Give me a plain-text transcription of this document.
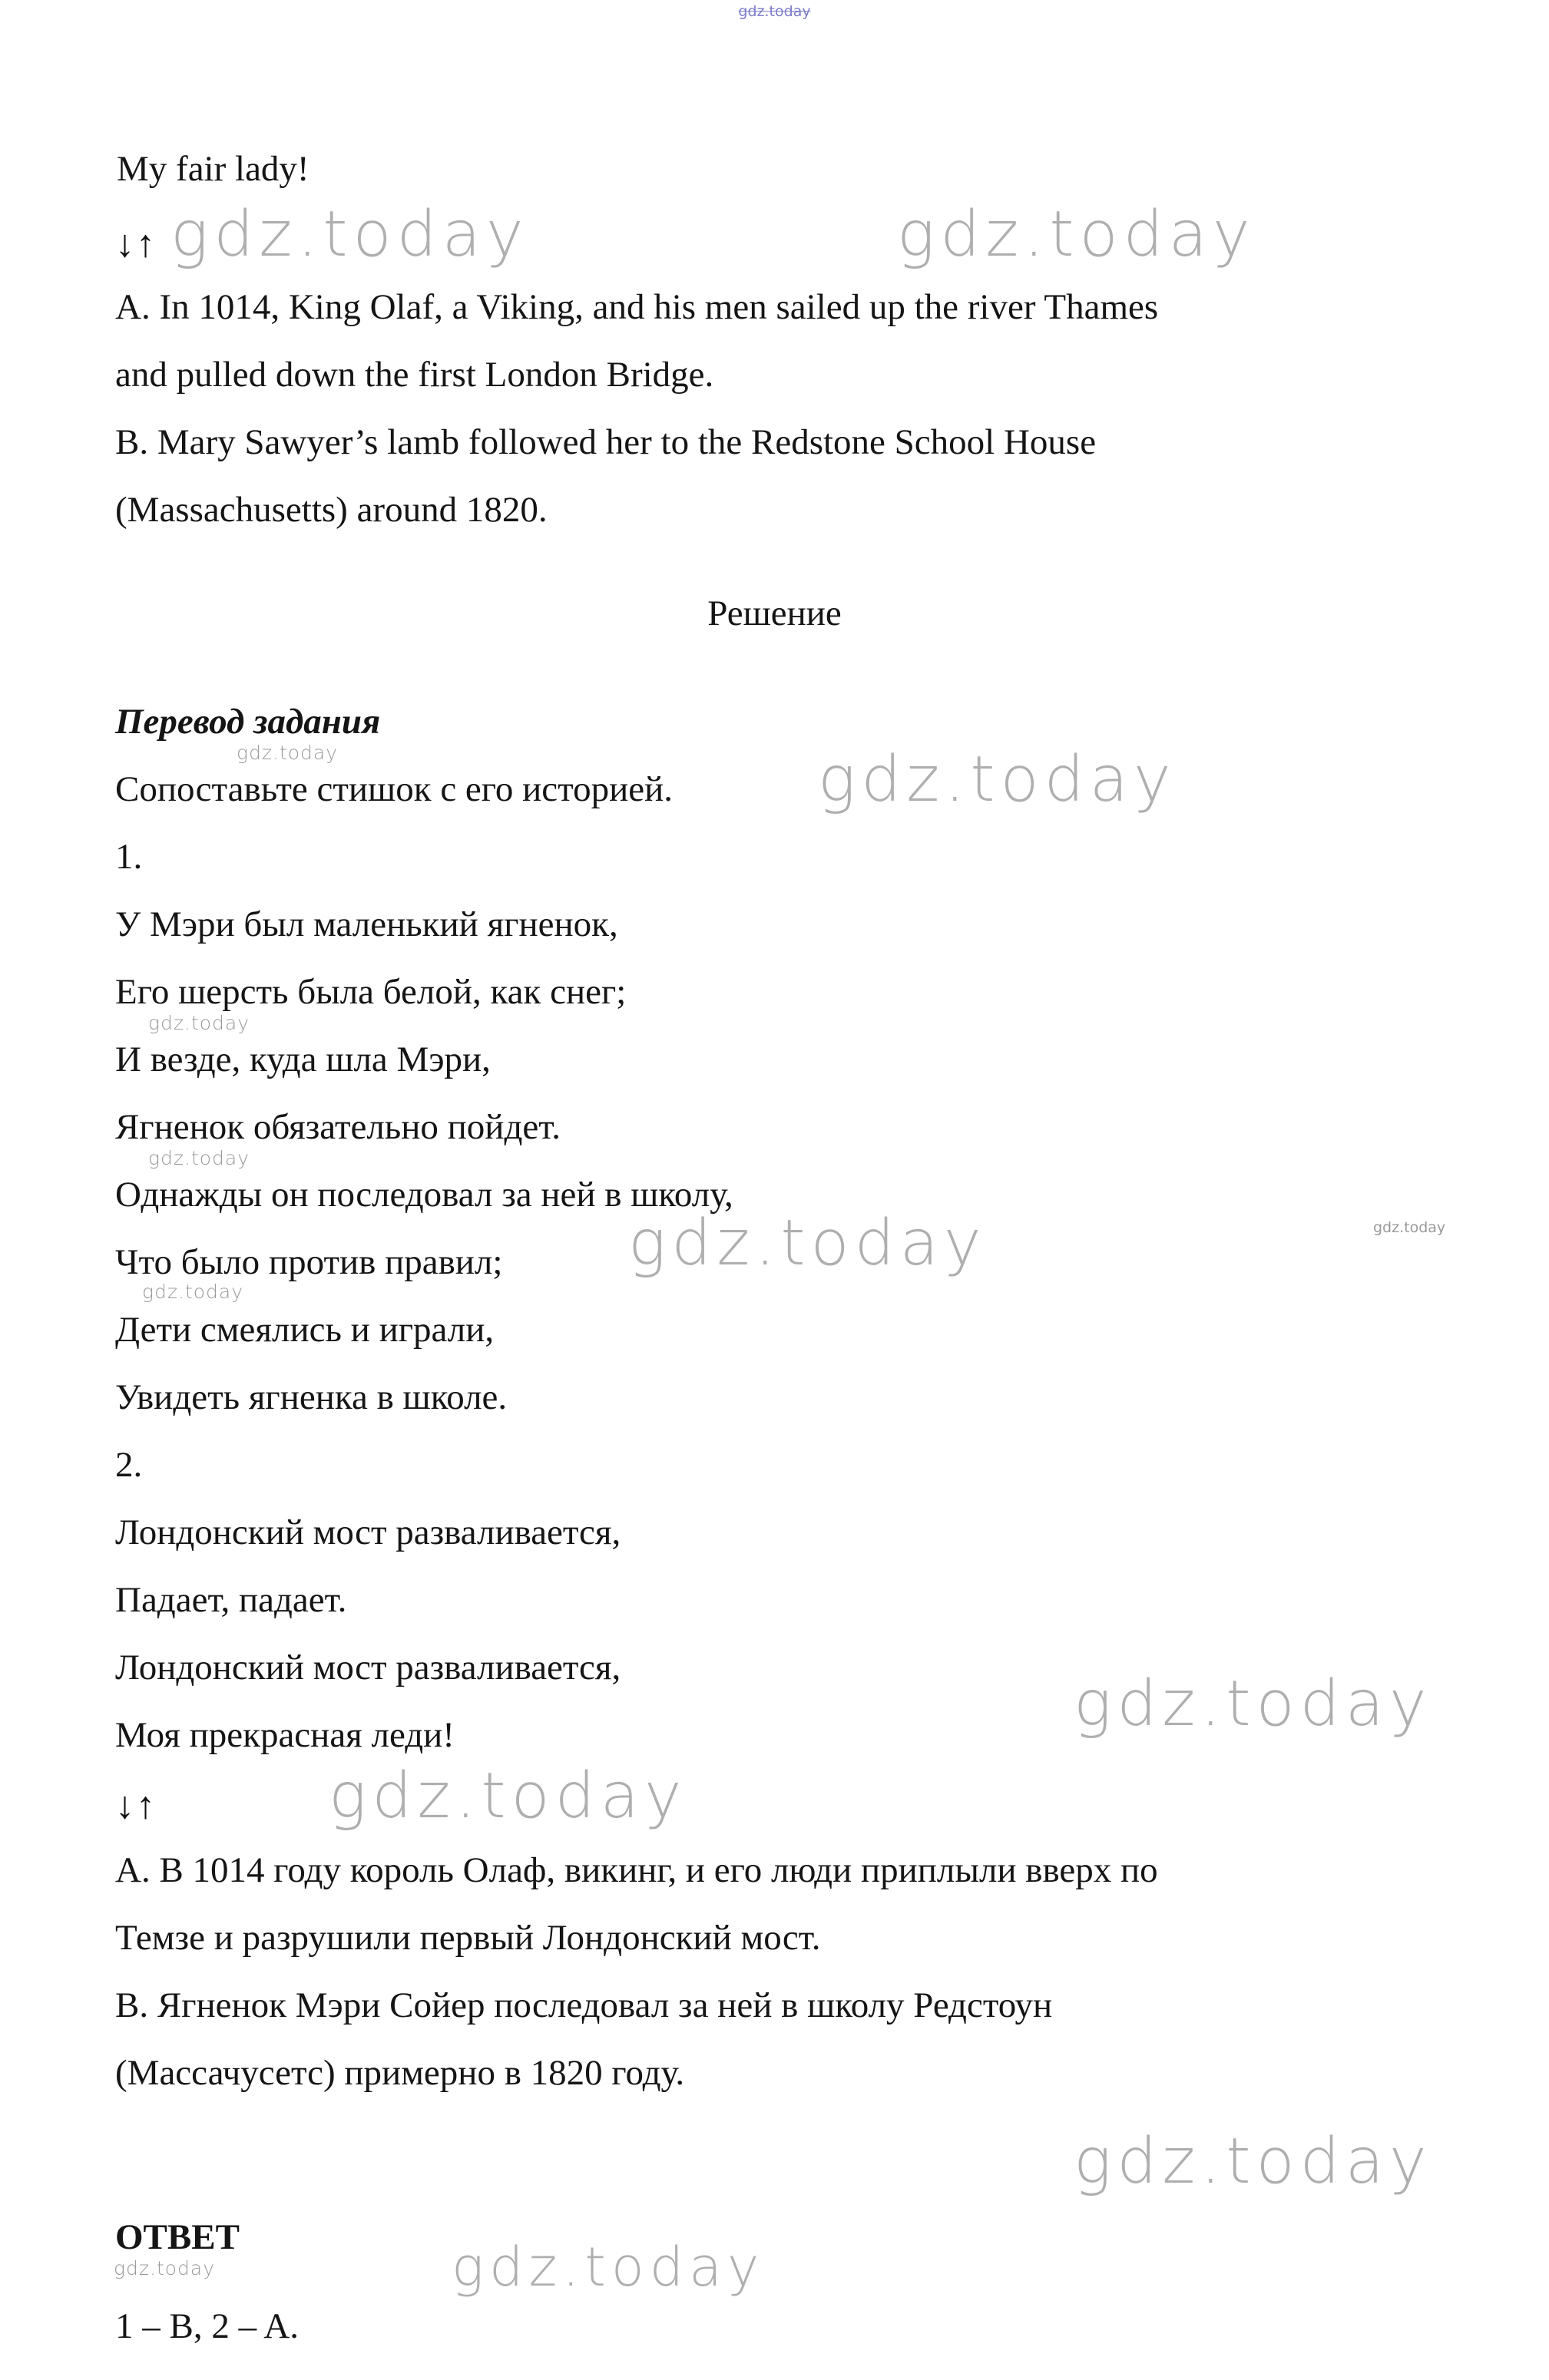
gdz.today
My fair lady!
↓↑ gdz.today	gdz.today
A. In 1014, King Olaf, a Viking, and his men sailed up the river Thames
and pulled down the first London Bridge.
B. Mary Sawyer’s lamb followed her to the Redstone School House
(Massachusetts) around 1820.
Решение
Перевод задания
gdz.today
Сопоставьте стишок с его историей. gdz.today
1.
У Мэри был маленький ягненок,
Его шерсть была белой, как снег;
gdz.today
И везде, куда шла Мэри,
Ягненок обязательно пойдет.
gdz.today
Однажды он последовал за ней в школу,
Что было против правил; gdz.today	gdz.today
gdz.today
Дети смеялись и играли,
Увидеть ягненка в школе.
2.
Лондонский мост разваливается,
Падает, падает.
Лондонский мост разваливается,
Моя прекрасная леди!	gdz.today
↓↑	gdz.today
А. В 1014 году король Олаф, викинг, и его люди приплыли вверх по
Темзе и разрушили первый Лондонский мост.
В. Ягненок Мэри Сойер последовал за ней в школу Редстоун
(Массачусетс) примерно в 1820 году.
gdz.today
ОТВЕТ
gdz.today	gdz.today
1 – B, 2 – A.
